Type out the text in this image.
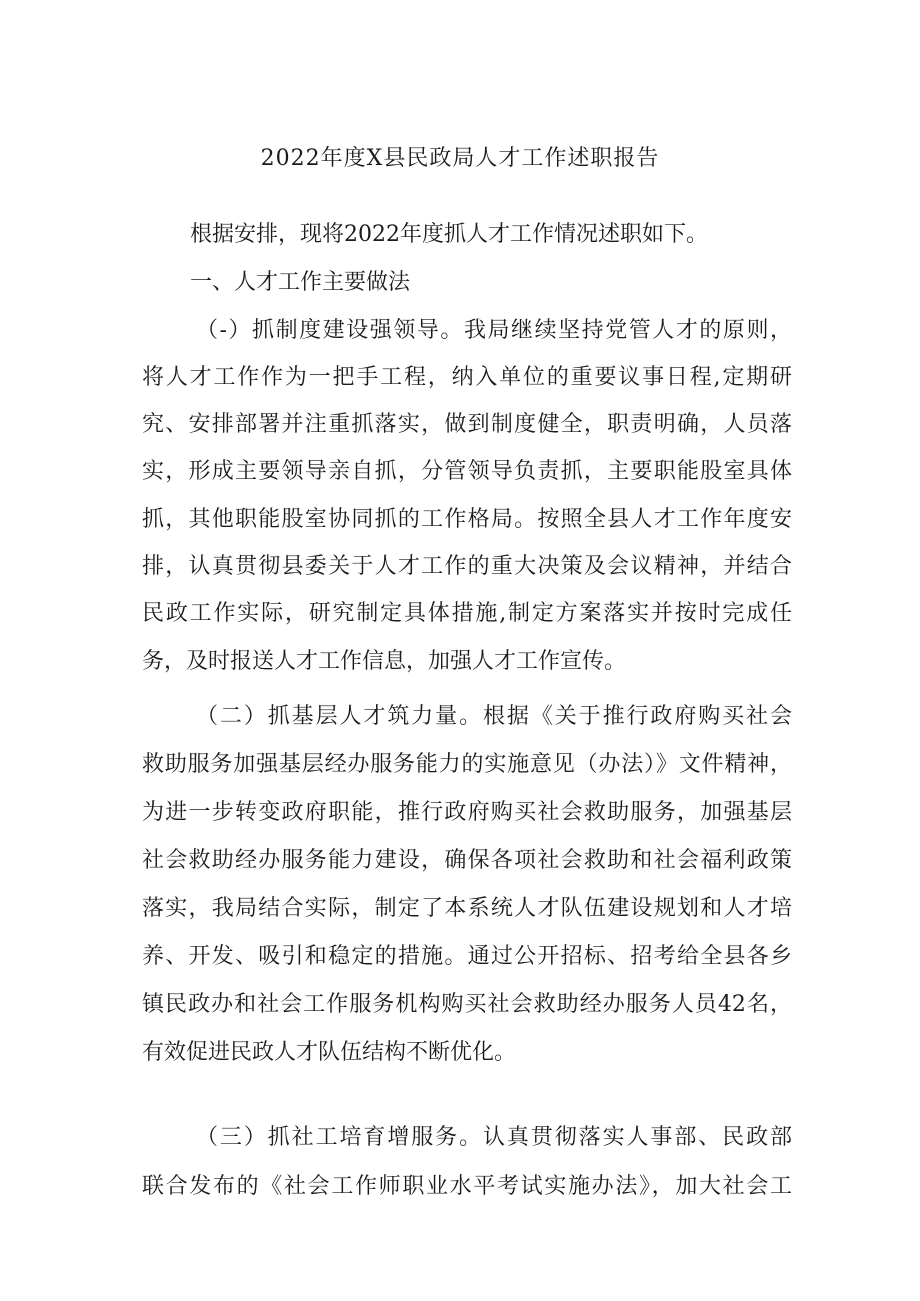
2022年度X县民政局人才工作述职报告
根据安排，现将2022年度抓人才工作情况述职如下。
一、人才工作主要做法
（-）抓制度建设强领导。我局继续坚持党管人才的原则，
将人才工作作为一把手工程，纳入单位的重要议事日程,定期研
究、安排部署并注重抓落实，做到制度健全，职责明确，人员落
实，形成主要领导亲自抓，分管领导负责抓，主要职能股室具体
抓，其他职能股室协同抓的工作格局。按照全县人才工作年度安
排，认真贯彻县委关于人才工作的重大决策及会议精神，并结合
民政工作实际，研究制定具体措施,制定方案落实并按时完成任
务，及时报送人才工作信息，加强人才工作宣传。
（二）抓基层人才筑力量。根据《关于推行政府购买社会
救助服务加强基层经办服务能力的实施意见（办法）》文件精神，
为进一步转变政府职能，推行政府购买社会救助服务，加强基层
社会救助经办服务能力建设，确保各项社会救助和社会福利政策
落实，我局结合实际，制定了本系统人才队伍建设规划和人才培
养、开发、吸引和稳定的措施。通过公开招标、招考给全县各乡
镇民政办和社会工作服务机构购买社会救助经办服务人员42名，
有效促进民政人才队伍结构不断优化。
（三）抓社工培育增服务。认真贯彻落实人事部、民政部
联合发布的《社会工作师职业水平考试实施办法》，加大社会工
